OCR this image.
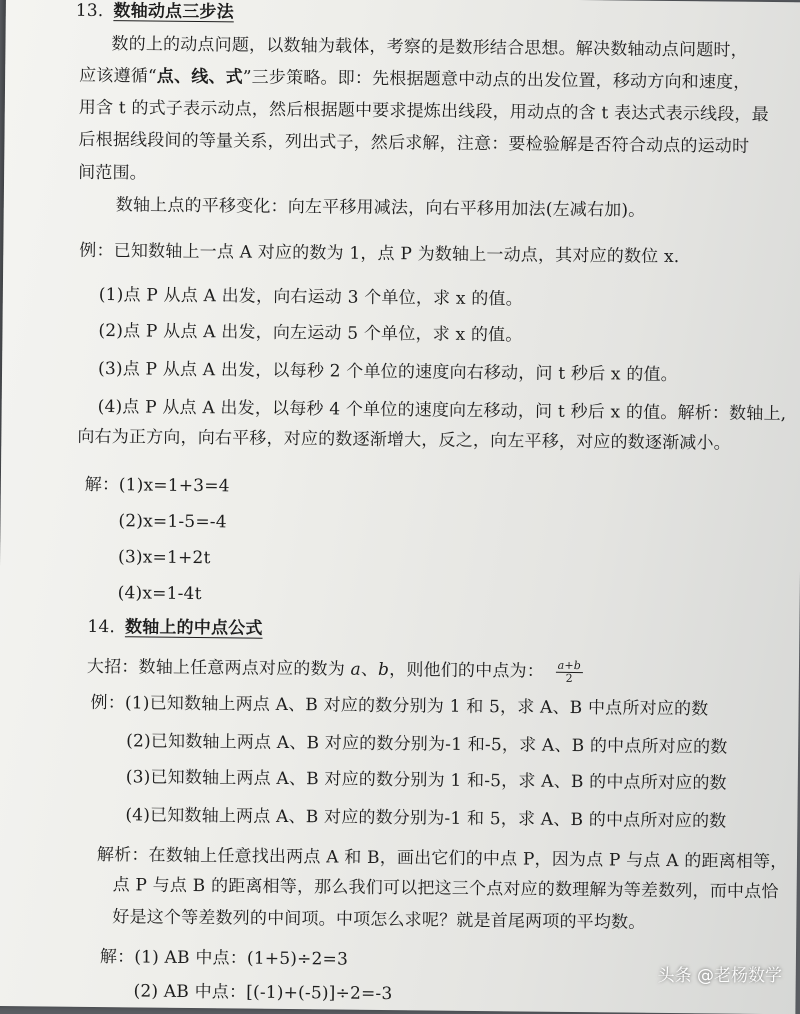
13. 数轴动点三步法
数的上的动点问题，以数轴为载体，考察的是数形结合思想。解决数轴动点问题时，
应该遵循“点、线、式”三步策略。即：先根据题意中动点的出发位置，移动方向和速度，
用含 t 的式子表示动点，然后根据题中要求提炼出线段，用动点的含 t 表达式表示线段，最
后根据线段间的等量关系，列出式子，然后求解，注意：要检验解是否符合动点的运动时
间范围。
数轴上点的平移变化：向左平移用减法，向右平移用加法(左减右加)。
例：已知数轴上一点 A 对应的数为 1，点 P 为数轴上一动点，其对应的数位 x.
(1)点 P 从点 A 出发，向右运动 3 个单位，求 x 的值。
(2)点 P 从点 A 出发，向左运动 5 个单位，求 x 的值。
(3)点 P 从点 A 出发，以每秒 2 个单位的速度向右移动，问 t 秒后 x 的值。
(4)点 P 从点 A 出发，以每秒 4 个单位的速度向左移动，问 t 秒后 x 的值。解析：数轴上,
向右为正方向，向右平移，对应的数逐渐增大，反之，向左平移，对应的数逐渐减小。
解： (1)x=1+3=4
(2)x=1-5=-4
(3)x=1+2t
(4)x=1-4t
14. 数轴上的中点公式
大招：数轴上任意两点对应的数为 a、b，则他们的中点为： $\frac{a+b}{2}$
例：(1)已知数轴上两点 A、B 对应的数分别为 1 和 5，求 A、B 中点所对应的数
(2)已知数轴上两点 A、B 对应的数分别为-1 和-5，求 A、B 的中点所对应的数
(3)已知数轴上两点 A、B 对应的数分别为 1 和-5，求 A、B 的中点所对应的数
(4)已知数轴上两点 A、B 对应的数分别为-1 和 5，求 A、B 的中点所对应的数
解析：在数轴上任意找出两点 A 和 B，画出它们的中点 P，因为点 P 与点 A 的距离相等，
点 P 与点 B 的距离相等，那么我们可以把这三个点对应的数理解为等差数列，而中点恰
好是这个等差数列的中间项。中项怎么求呢？就是首尾两项的平均数。
解：(1) AB 中点：(1+5)÷2=3
(2) AB 中点：[(-1)+(-5)]÷2=-3
头条 @老杨数学
